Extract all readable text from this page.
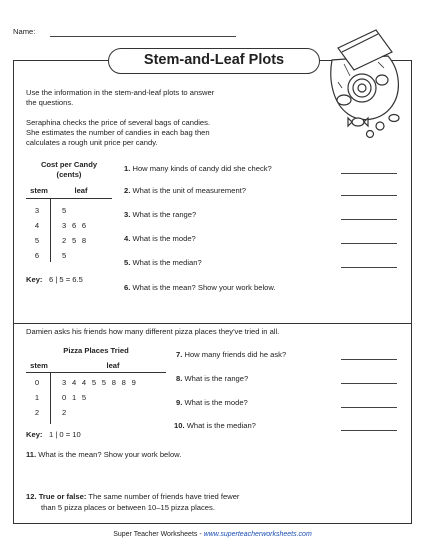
Name:
Stem-and-Leaf Plots
Use the information in the stem-and-leaf plots to answer
the questions.
Seraphina checks the price of several bags of candies.
She estimates the number of candies in each bag then
calculates a rough unit price per candy.
Cost per Candy
(cents)
stem	leaf
3	5
4	3  6  6
5	2  5  8
6	5
Key: 6 | 5 = 6.5
1. How many kinds of candy did she check?
2. What is the unit of measurement?
3. What is the range?
4. What is the mode?
5. What is the median?
6. What is the mean? Show your work below.
Damien asks his friends how many different pizza places they've tried in all.
Pizza Places Tried
stem	leaf
0	3  4  4  5  5  8  8  9
1	0  1  5
2	2
Key: 1 | 0 = 10
7. How many friends did he ask?
8. What is the range?
9. What is the mode?
10. What is the median?
11. What is the mean? Show your work below.
12. True or false: The same number of friends have tried fewer
than 5 pizza places or between 10–15 pizza places.
Super Teacher Worksheets - www.superteacherworksheets.com
